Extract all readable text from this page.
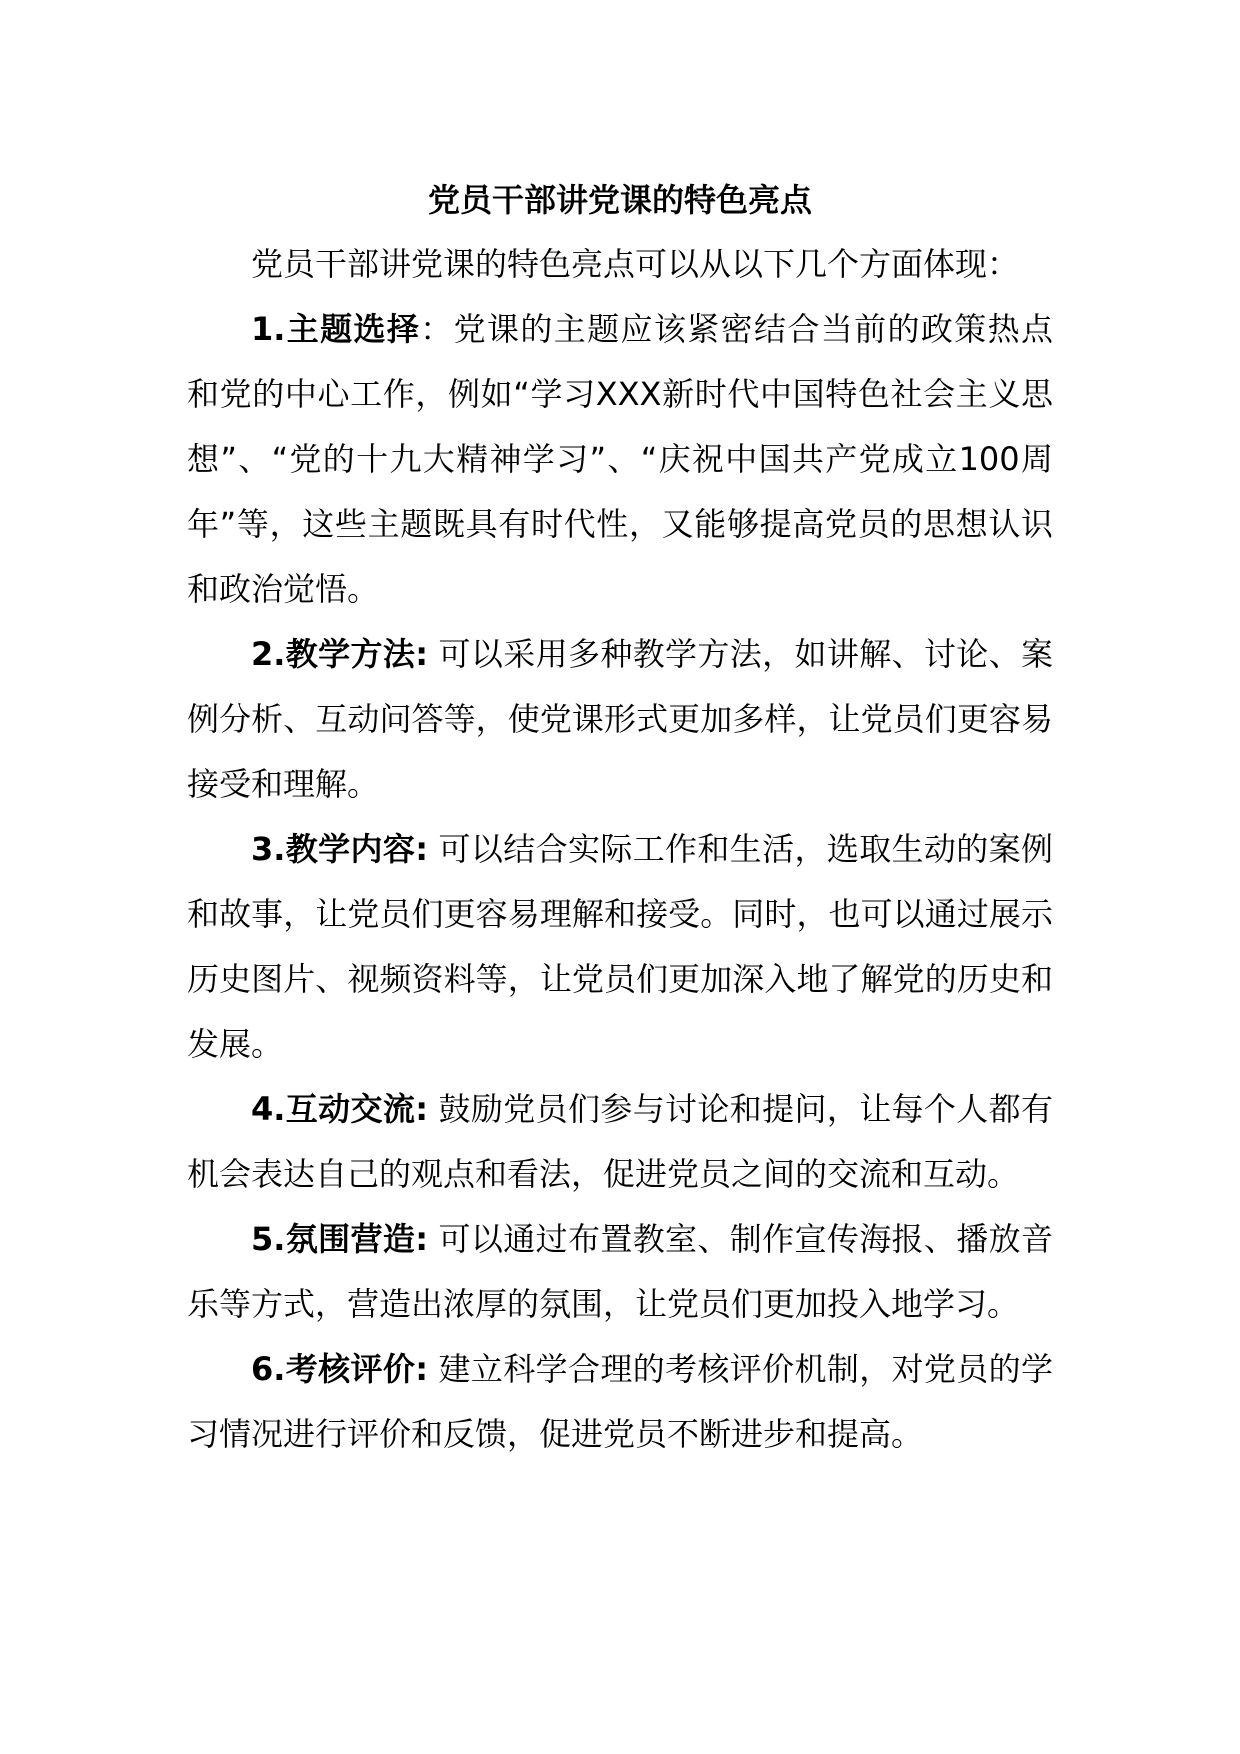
党员干部讲党课的特色亮点

党员干部讲党课的特色亮点可以从以下几个方面体现：

1.主题选择：党课的主题应该紧密结合当前的政策热点和党的中心工作，例如“学习XXX新时代中国特色社会主义思想”、“党的十九大精神学习”、“庆祝中国共产党成立100周年”等，这些主题既具有时代性，又能够提高党员的思想认识和政治觉悟。

2.教学方法: 可以采用多种教学方法，如讲解、讨论、案例分析、互动问答等，使党课形式更加多样，让党员们更容易接受和理解。

3.教学内容: 可以结合实际工作和生活，选取生动的案例和故事，让党员们更容易理解和接受。同时，也可以通过展示历史图片、视频资料等，让党员们更加深入地了解党的历史和发展。

4.互动交流: 鼓励党员们参与讨论和提问，让每个人都有机会表达自己的观点和看法，促进党员之间的交流和互动。

5.氛围营造: 可以通过布置教室、制作宣传海报、播放音乐等方式，营造出浓厚的氛围，让党员们更加投入地学习。

6.考核评价: 建立科学合理的考核评价机制，对党员的学习情况进行评价和反馈，促进党员不断进步和提高。
